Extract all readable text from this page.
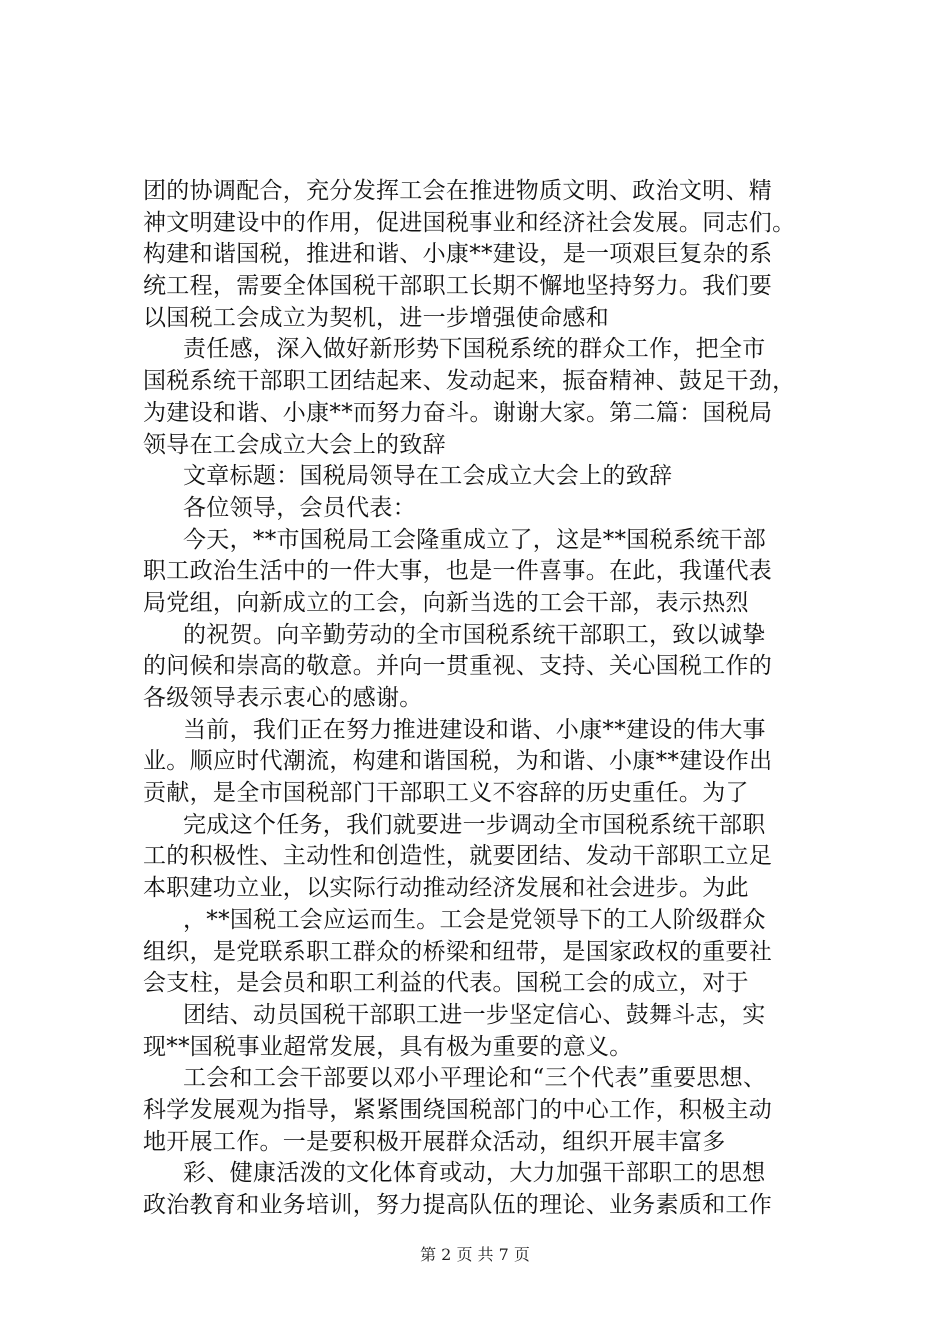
团的协调配合，充分发挥工会在推进物质文明、政治文明、精
神文明建设中的作用，促进国税事业和经济社会发展。同志们。
构建和谐国税，推进和谐、小康**建设，是一项艰巨复杂的系
统工程，需要全体国税干部职工长期不懈地坚持努力。我们要
以国税工会成立为契机，进一步增强使命感和
责任感，深入做好新形势下国税系统的群众工作，把全市
国税系统干部职工团结起来、发动起来，振奋精神、鼓足干劲，
为建设和谐、小康**而努力奋斗。谢谢大家。第二篇：国税局
领导在工会成立大会上的致辞
文章标题：国税局领导在工会成立大会上的致辞
各位领导，会员代表：
今天，**市国税局工会隆重成立了，这是**国税系统干部
职工政治生活中的一件大事，也是一件喜事。在此，我谨代表
局党组，向新成立的工会，向新当选的工会干部，表示热烈
的祝贺。向辛勤劳动的全市国税系统干部职工，致以诚挚
的问候和崇高的敬意。并向一贯重视、支持、关心国税工作的
各级领导表示衷心的感谢。
当前，我们正在努力推进建设和谐、小康**建设的伟大事
业。顺应时代潮流，构建和谐国税，为和谐、小康**建设作出
贡献，是全市国税部门干部职工义不容辞的历史重任。为了
完成这个任务，我们就要进一步调动全市国税系统干部职
工的积极性、主动性和创造性，就要团结、发动干部职工立足
本职建功立业，以实际行动推动经济发展和社会进步。为此
，**国税工会应运而生。工会是党领导下的工人阶级群众
组织，是党联系职工群众的桥梁和纽带，是国家政权的重要社
会支柱，是会员和职工利益的代表。国税工会的成立，对于
团结、动员国税干部职工进一步坚定信心、鼓舞斗志，实
现**国税事业超常发展，具有极为重要的意义。
工会和工会干部要以邓小平理论和“三个代表”重要思想、
科学发展观为指导，紧紧围绕国税部门的中心工作，积极主动
地开展工作。一是要积极开展群众活动，组织开展丰富多
彩、健康活泼的文化体育或动，大力加强干部职工的思想
政治教育和业务培训，努力提高队伍的理论、业务素质和工作
第 2 页 共 7 页
